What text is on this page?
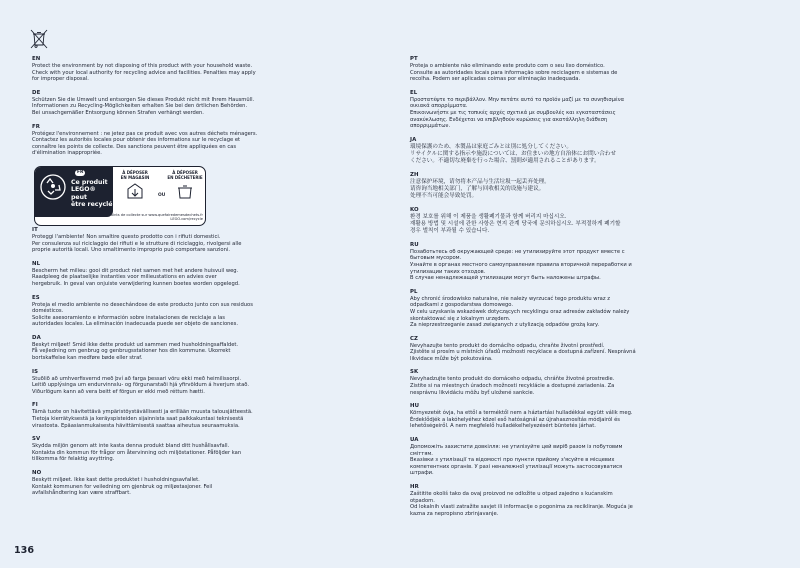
EN
Protect the environment by not disposing of this product with your household waste.
Check with your local authority for recycling advice and facilities. Penalties may apply
for improper disposal.
DE
Schützen Sie die Umwelt und entsorgen Sie dieses Produkt nicht mit Ihrem Hausmüll.
Informationen zu Recycling-Möglichkeiten erhalten Sie bei den örtlichen Behörden.
Bei unsachgemäßer Entsorgung können Strafen verhängt werden.
FR
Protégez l'environnement : ne jetez pas ce produit avec vos autres déchets ménagers.
Contactez les autorités locales pour obtenir des informations sur le recyclage et
connaître les points de collecte. Des sanctions peuvent être appliquées en cas
d'élimination inappropriée.
IT
Proteggi l'ambiente! Non smaltire questo prodotto con i rifiuti domestici.
Per consulenza sul riciclaggio dei rifiuti e le strutture di riciclaggio, rivolgersi alle
proprie autorità locali. Uno smaltimento improprio può comportare sanzioni.
NL
Bescherm het milieu: gooi dit product niet samen met het andere huisvuil weg.
Raadpleeg de plaatselijke instanties voor milieustations en advies over
hergebruik. In geval van onjuiste verwijdering kunnen boetes worden opgelegd.
ES
Proteja el medio ambiente no desechándose de este producto junto con sus residuos
domésticos.
Solicite asesoramiento e información sobre instalaciones de reciclaje a las
autoridades locales. La eliminación inadecuada puede ser objeto de sanciones.
DA
Beskyt miljøet! Smid ikke dette produkt ud sammen med husholdningsaffaldet.
Få vejledning om genbrug og genbrugsstationer hos din kommune. Ukorrekt
bortskaffelse kan medføre bøde eller straf.
IS
Stuðlið að umhverfisvernd með því að farga þessari vöru ekki með heimilissorpi.
Leitið upplýsinga um endurvinnslu- og förgunarstaði hjá yfirvöldum á hverjum stað.
Viðurlögum kann að vera beitt ef förgun er ekki með réttum hætti.
FI
Tämä tuote on hävitettävä ympäristöystävällisesti ja erillään muusta talousjätteestä.
Tietoja kierrätyksestä ja keräyspisteiden sijainnista saat paikkakuntasi teknisestä
virastosta. Epäasianmukaisesta hävittämisestä saattaa aiheutua seuraamuksia.
SV
Skydda miljön genom att inte kasta denna produkt bland ditt hushållsavfall.
Kontakta din kommun för frågor om återvinning och miljöstationer. Påföljder kan
tillkomma för felaktig avyttring.
NO
Beskytt miljøet. Ikke kast dette produktet i husholdningsavfallet.
Kontakt kommunen for veiledning om gjenbruk og miljøstasjoner. Feil
avfallshåndtering kan være straffbart.
FR
Ce produit
LEGO® peut
être recyclé
À DÉPOSER
EN MAGASIN
OU
À DÉPOSER
EN DÉCHETERIE
Points de collecte sur www.quefairedemesdechets.fr
LEGO.com/recycle
PT
Proteja o ambiente não eliminando este produto com o seu lixo doméstico.
Consulte as autoridades locais para informação sobre reciclagem e sistemas de
recolha. Podem ser aplicadas coimas por eliminação inadequada.
EL
Προστατέψτε το περιβάλλον. Μην πετάτε αυτό το προϊόν μαζί με τα συνηθισμένα
οικιακά απορρίμματα.
Επικοινωνήστε με τις τοπικές αρχές σχετικά με συμβουλές και εγκαταστάσεις
ανακύκλωσης. Ενδέχεται να επιβληθούν κυρώσεις για ακατάλληλη διάθεση
απορριμμάτων.
JA
環境保護のため、本製品は家庭ごみとは別に処分してください。
リサイクルに関する指示や施設については、お住まいの地方自治体にお問い合わせ
ください。不適切な廃棄を行った場合、罰則が適用されることがあります。
ZH
注意保护环境，请勿将本产品与生活垃圾一起丢弃处理。
请咨询当地相关部门，了解与回收相关的设施与建议。
处理不当可能会导致处罚。
KO
환경 보호를 위해 이 제품을 생활폐기물과 함께 버리지 마십시오.
재활용 방법 및 시설에 관한 사항은 현지 관계 당국에 문의하십시오. 부적절하게 폐기할
경우 벌칙이 부과될 수 있습니다.
RU
Позаботьтесь об окружающей среде: не утилизируйте этот продукт вместе с
бытовым мусором.
Узнайте в органах местного самоуправления правила вторичной переработки и
утилизации таких отходов.
В случае ненадлежащей утилизации могут быть наложены штрафы.
PL
Aby chronić środowisko naturalne, nie należy wyrzucać tego produktu wraz z
odpadkami z gospodarstwa domowego.
W celu uzyskania wskazówek dotyczących recyklingu oraz adresów zakładów należy
skontaktować się z lokalnym urzędem.
Za nieprzestrzeganie zasad związanych z utylizacją odpadów grożą kary.
CZ
Nevyhazujte tento produkt do domácího odpadu, chraňte životní prostředí.
Zjistěte si prosím u místních úřadů možnosti recyklace a dostupná zařízení. Nesprávná
likvidace může být pokutována.
SK
Nevyhadzujte tento produkt do domáceho odpadu, chráňte životné prostredie.
Zistite si na miestnych úradoch možnosti recyklácie a dostupné zariadenia. Za
nesprávnu likvidáciu môžu byť uložené sankcie.
HU
Környezetét óvja, ha ettől a terméktől nem a háztartási hulladékkal együtt válik meg.
Érdeklődjék a lakóhelyéhez közel eső hatóságnál az újrahasznosítás módjairól és
lehetőségeiről. A nem megfelelő hulladékelhelyezésért büntetés járhat.
UA
Допоможіть захистити довкілля: не утилізуйте цей виріб разом із побутовим
сміттям.
Вказівки з утилізації та відомості про пункти прийому з'ясуйте в місцевих
компетентних органів. У разі неналежної утилізації можуть застосовуватися
штрафи.
HR
Zaštitite okoliš tako da ovaj proizvod ne odložite u otpad zajedno s kućanskim
otpadom.
Od lokalnih vlasti zatražite savjet ili informacije o pogonima za recikliranje. Moguća je
kazna za nepropisno zbrinjavanje.
136
